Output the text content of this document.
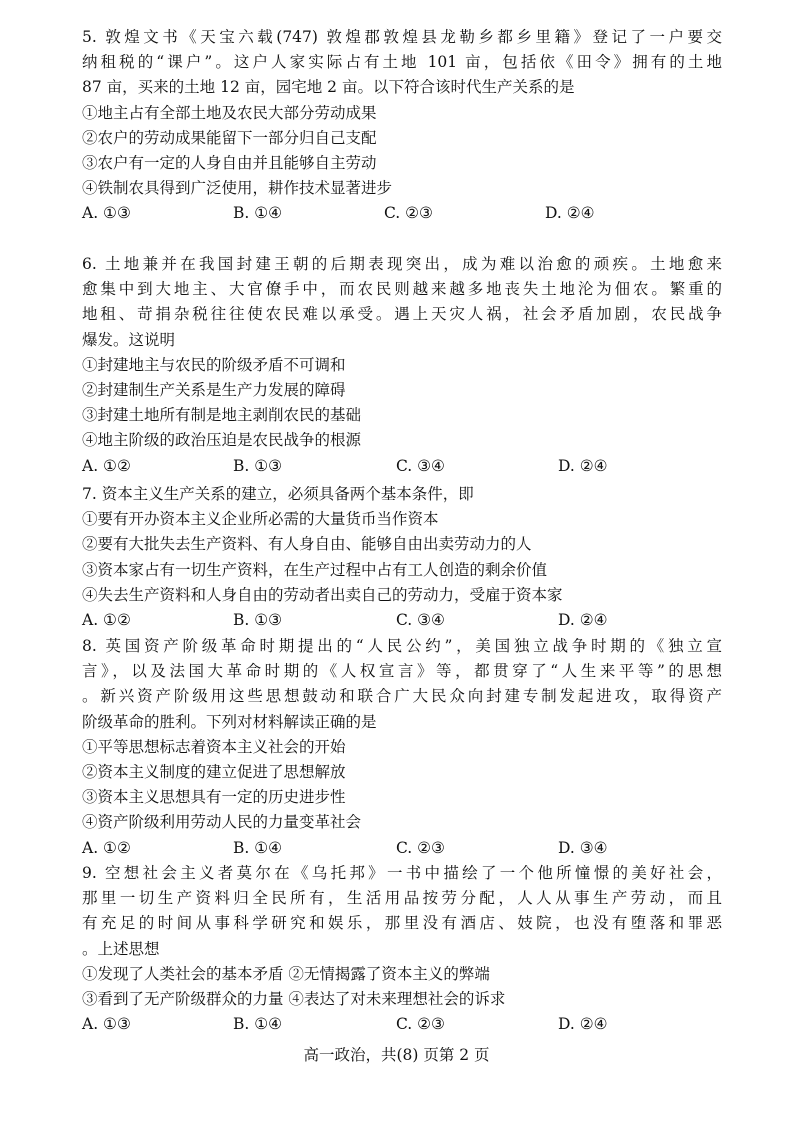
5. 敦煌文书《天宝六载(747) 敦煌郡敦煌县龙勒乡都乡里籍》登记了一户要交
纳租税的“课户”。这户人家实际占有土地 101 亩，包括依《田令》拥有的土地
87 亩，买来的土地 12 亩，园宅地 2 亩。以下符合该时代生产关系的是
①地主占有全部土地及农民大部分劳动成果
②农户的劳动成果能留下一部分归自己支配
③农户有一定的人身自由并且能够自主劳动
④铁制农具得到广泛使用，耕作技术显著进步
A. ①③	B. ①④	C. ②③	D. ②④
6. 土地兼并在我国封建王朝的后期表现突出，成为难以治愈的顽疾。土地愈来
愈集中到大地主、大官僚手中，而农民则越来越多地丧失土地沦为佃农。繁重的
地租、苛捐杂税往往使农民难以承受。遇上天灾人祸，社会矛盾加剧，农民战争
爆发。这说明
①封建地主与农民的阶级矛盾不可调和
②封建制生产关系是生产力发展的障碍
③封建土地所有制是地主剥削农民的基础
④地主阶级的政治压迫是农民战争的根源
A. ①②	B. ①③	C. ③④	D. ②④
7. 资本主义生产关系的建立，必须具备两个基本条件，即
①要有开办资本主义企业所必需的大量货币当作资本
②要有大批失去生产资料、有人身自由、能够自由出卖劳动力的人
③资本家占有一切生产资料，在生产过程中占有工人创造的剩余价值
④失去生产资料和人身自由的劳动者出卖自己的劳动力，受雇于资本家
A. ①②	B. ①③	C. ③④	D. ②④
8. 英国资产阶级革命时期提出的“人民公约”，美国独立战争时期的《独立宣
言》，以及法国大革命时期的《人权宣言》等，都贯穿了“人生来平等”的思想
。新兴资产阶级用这些思想鼓动和联合广大民众向封建专制发起进攻，取得资产
阶级革命的胜利。下列对材料解读正确的是
①平等思想标志着资本主义社会的开始
②资本主义制度的建立促进了思想解放
③资本主义思想具有一定的历史进步性
④资产阶级利用劳动人民的力量变革社会
A. ①②	B. ①④	C. ②③	D. ③④
9. 空想社会主义者莫尔在《乌托邦》一书中描绘了一个他所憧憬的美好社会，
那里一切生产资料归全民所有，生活用品按劳分配，人人从事生产劳动，而且
有充足的时间从事科学研究和娱乐，那里没有酒店、妓院，也没有堕落和罪恶
。上述思想
①发现了人类社会的基本矛盾 ②无情揭露了资本主义的弊端
③看到了无产阶级群众的力量 ④表达了对未来理想社会的诉求
A. ①③	B. ①④	C. ②③	D. ②④
高一政治，共(8) 页第 2 页
